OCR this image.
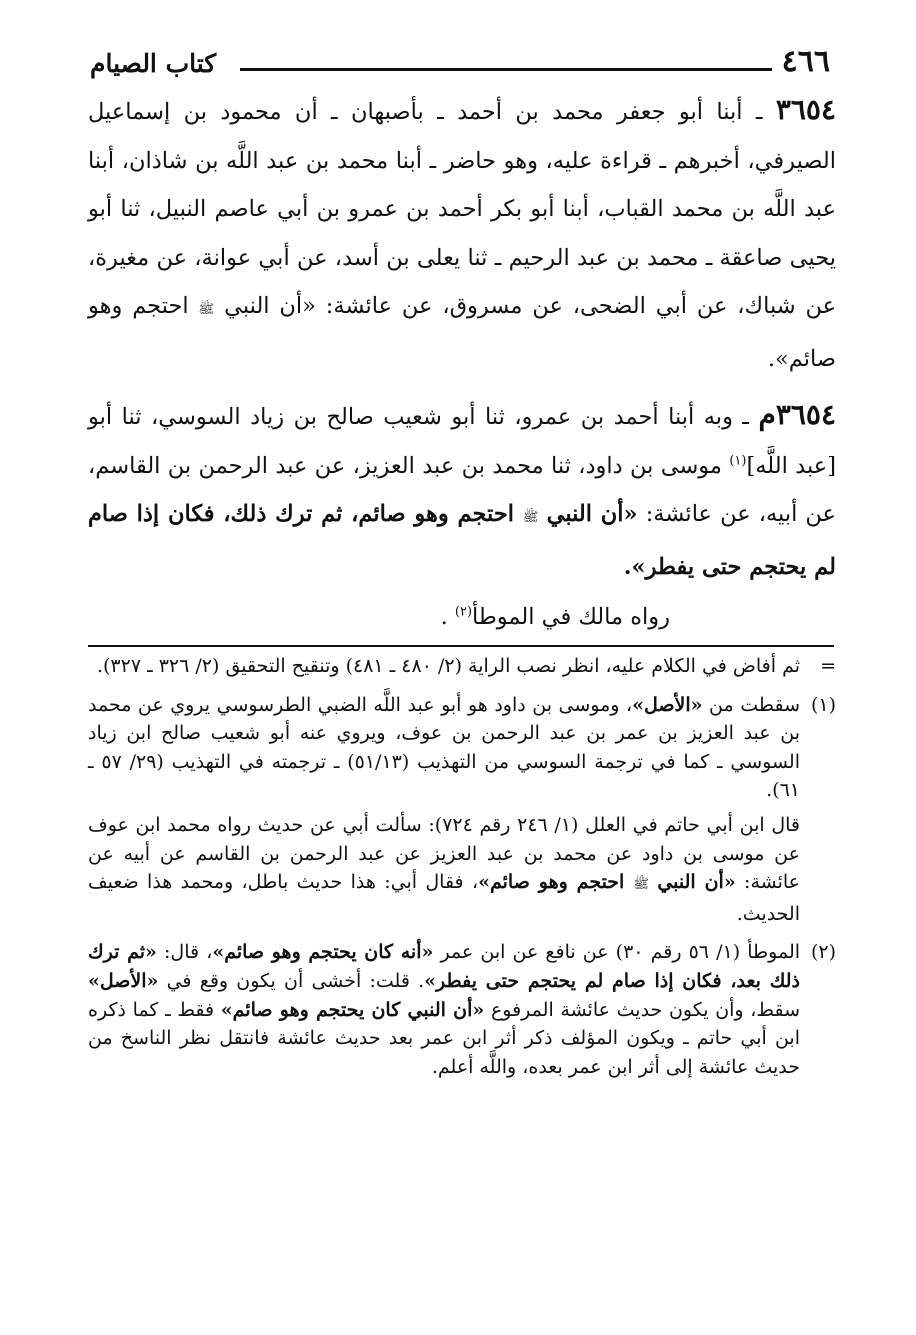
٤٦٦
كتاب الصيام

٣٦٥٤ ـ أبنا أبو جعفر محمد بن أحمد ـ بأصبهان ـ أن محمود بن إسماعيل الصيرفي، أخبرهم ـ قراءة عليه، وهو حاضر ـ أبنا محمد بن عبد اللَّه بن شاذان، أبنا عبد اللَّه بن محمد القباب، أبنا أبو بكر أحمد بن عمرو بن أبي عاصم النبيل، ثنا أبو يحيى صاعقة ـ محمد بن عبد الرحيم ـ ثنا يعلى بن أسد، عن أبي عوانة، عن مغيرة، عن شباك، عن أبي الضحى، عن مسروق، عن عائشة: «أن النبي ﷺ احتجم وهو صائم».

٣٦٥٤م ـ وبه أبنا أحمد بن عمرو، ثنا أبو شعيب صالح بن زياد السوسي، ثنا أبو [عبد اللَّه]$^{(١)}$ موسى بن داود، ثنا محمد بن عبد العزيز، عن عبد الرحمن بن القاسم، عن أبيه، عن عائشة: «أن النبي ﷺ احتجم وهو صائم، ثم ترك ذلك، فكان إذا صام لم يحتجم حتى يفطر».

رواه مالك في الموطأ$^{(٢)}$ .

=

ثم أفاض في الكلام عليه، انظر نصب الراية (٢/ ٤٨٠ ـ ٤٨١) وتنقيح التحقيق (٢/ ٣٢٦ ـ ٣٢٧).

(١)

سقطت من «الأصل»، وموسى بن داود هو أبو عبد اللَّه الضبي الطرسوسي يروي عن محمد بن عبد العزيز بن عمر بن عبد الرحمن بن عوف، ويروي عنه أبو شعيب صالح ابن زياد السوسي ـ كما في ترجمة السوسي من التهذيب (٥١/١٣) ـ ترجمته في التهذيب (٢٩/ ٥٧ ـ ٦١).

قال ابن أبي حاتم في العلل (١/ ٢٤٦ رقم ٧٢٤): سألت أبي عن حديث رواه محمد ابن عوف عن موسى بن داود عن محمد بن عبد العزيز عن عبد الرحمن بن القاسم عن أبيه عن عائشة: «أن النبي ﷺ احتجم وهو صائم»، فقال أبي: هذا حديث باطل، ومحمد هذا ضعيف الحديث.

(٢)

الموطأ (١/ ٥٦ رقم ٣٠) عن نافع عن ابن عمر «أنه كان يحتجم وهو صائم»، قال: «ثم ترك ذلك بعد، فكان إذا صام لم يحتجم حتى يفطر». قلت: أخشى أن يكون وقع في «الأصل» سقط، وأن يكون حديث عائشة المرفوع «أن النبي كان يحتجم وهو صائم» فقط ـ كما ذكره ابن أبي حاتم ـ ويكون المؤلف ذكر أثر ابن عمر بعد حديث عائشة فانتقل نظر الناسخ من حديث عائشة إلى أثر ابن عمر بعده، واللَّه أعلم.
